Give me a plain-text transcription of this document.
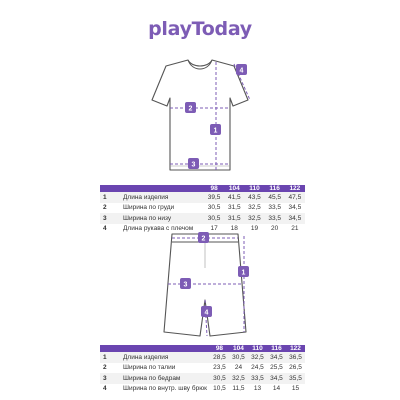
playToday
1
2
3
4
		98	104	110	116	122
1	Длина изделия	39,5	41,5	43,5	45,5	47,5
2	Ширина по груди	30,5	31,5	32,5	33,5	34,5
3	Ширина по низу	30,5	31,5	32,5	33,5	34,5
4	Длина рукава с плечом	17	18	19	20	21
1
2
3
4
		98	104	110	116	122
1	Длина изделия	28,5	30,5	32,5	34,5	36,5
2	Ширина по талии	23,5	24	24,5	25,5	26,5
3	Ширина по бедрам	30,5	32,5	33,5	34,5	35,5
4	Ширина по внутр. шву брюк	10,5	11,5	13	14	15
